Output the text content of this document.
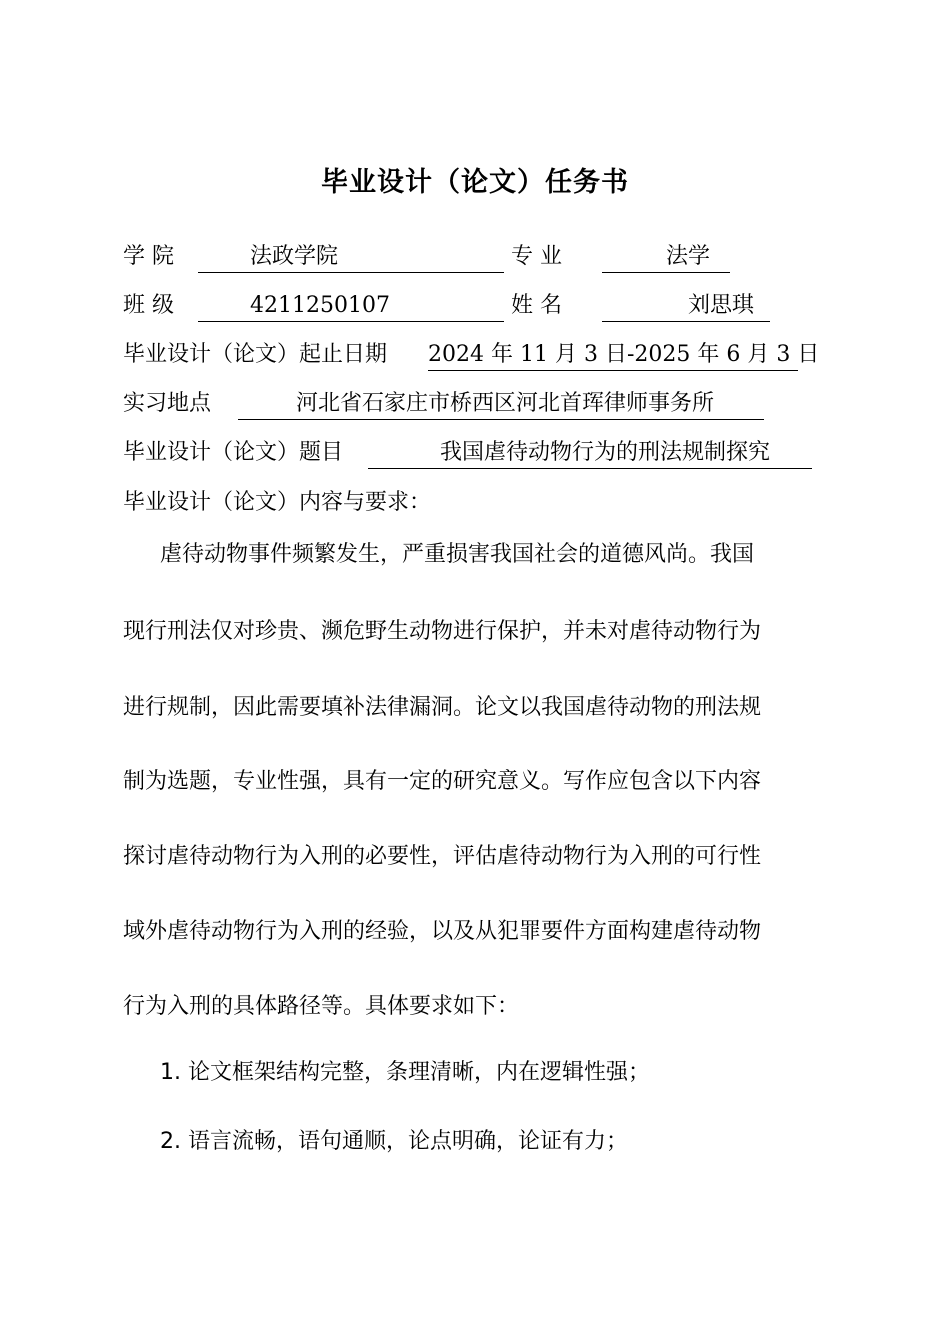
毕业设计（论文）任务书
学 院	法政学院	专 业	法学
班 级	4211250107	姓 名	刘思琪
毕业设计（论文）起止日期 2024 年 11 月 3 日-2025 年 6 月 3 日
实习地点	河北省石家庄市桥西区河北首珲律师事务所
毕业设计（论文）题目	我国虐待动物行为的刑法规制探究
毕业设计（论文）内容与要求：
虐待动物事件频繁发生，严重损害我国社会的道德风尚。我国
现行刑法仅对珍贵、濒危野生动物进行保护，并未对虐待动物行为
进行规制，因此需要填补法律漏洞。论文以我国虐待动物的刑法规
制为选题，专业性强，具有一定的研究意义。写作应包含以下内容
探讨虐待动物行为入刑的必要性，评估虐待动物行为入刑的可行性
域外虐待动物行为入刑的经验，以及从犯罪要件方面构建虐待动物
行为入刑的具体路径等。具体要求如下：
1. 论文框架结构完整，条理清晰，内在逻辑性强；
2. 语言流畅，语句通顺，论点明确，论证有力；
